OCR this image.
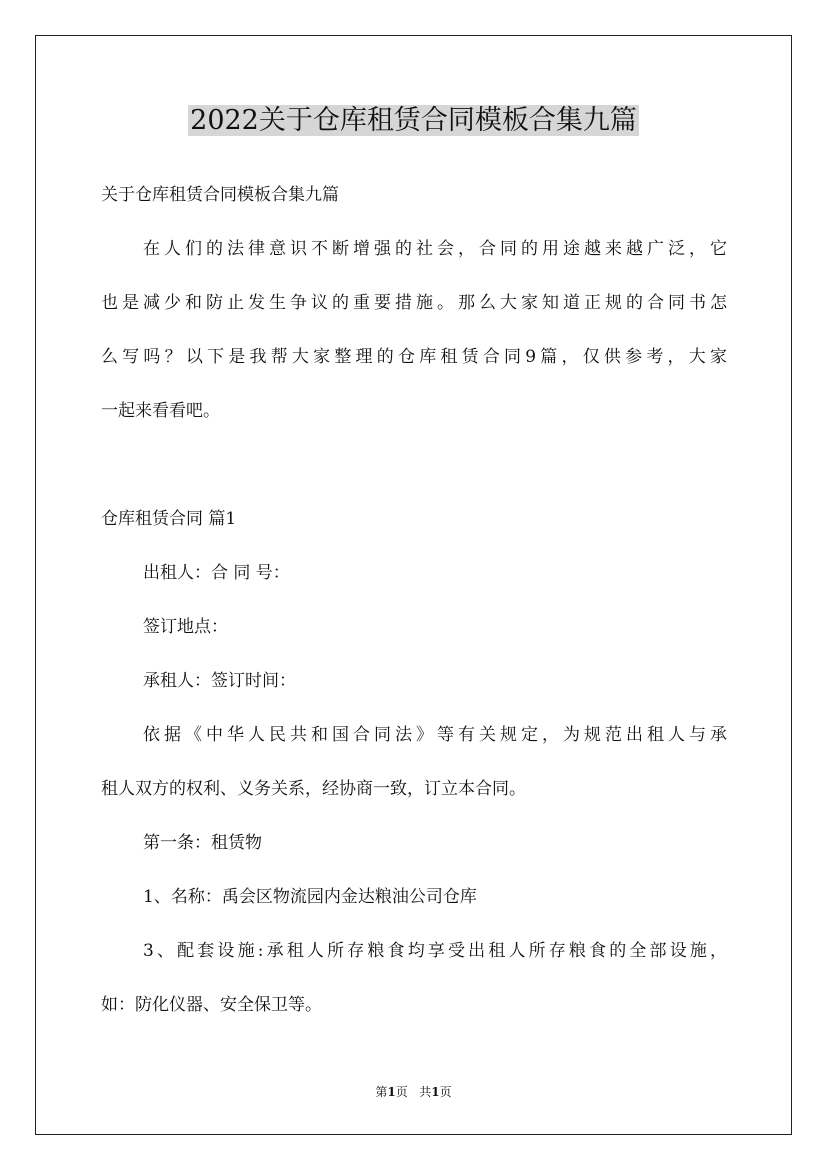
2022关于仓库租赁合同模板合集九篇
关于仓库租赁合同模板合集九篇
在人们的法律意识不断增强的社会，合同的用途越来越广泛，它
也是减少和防止发生争议的重要措施。那么大家知道正规的合同书怎
么写吗？以下是我帮大家整理的仓库租赁合同9篇，仅供参考，大家
一起来看看吧。
仓库租赁合同 篇1
出租人：合 同 号：
签订地点：
承租人：签订时间：
依据《中华人民共和国合同法》等有关规定，为规范出租人与承
租人双方的权利、义务关系，经协商一致，订立本合同。
第一条：租赁物
1、名称：禹会区物流园内金达粮油公司仓库
3、配套设施:承租人所存粮食均享受出租人所存粮食的全部设施，
如：防化仪器、安全保卫等。
第1页   共1页
